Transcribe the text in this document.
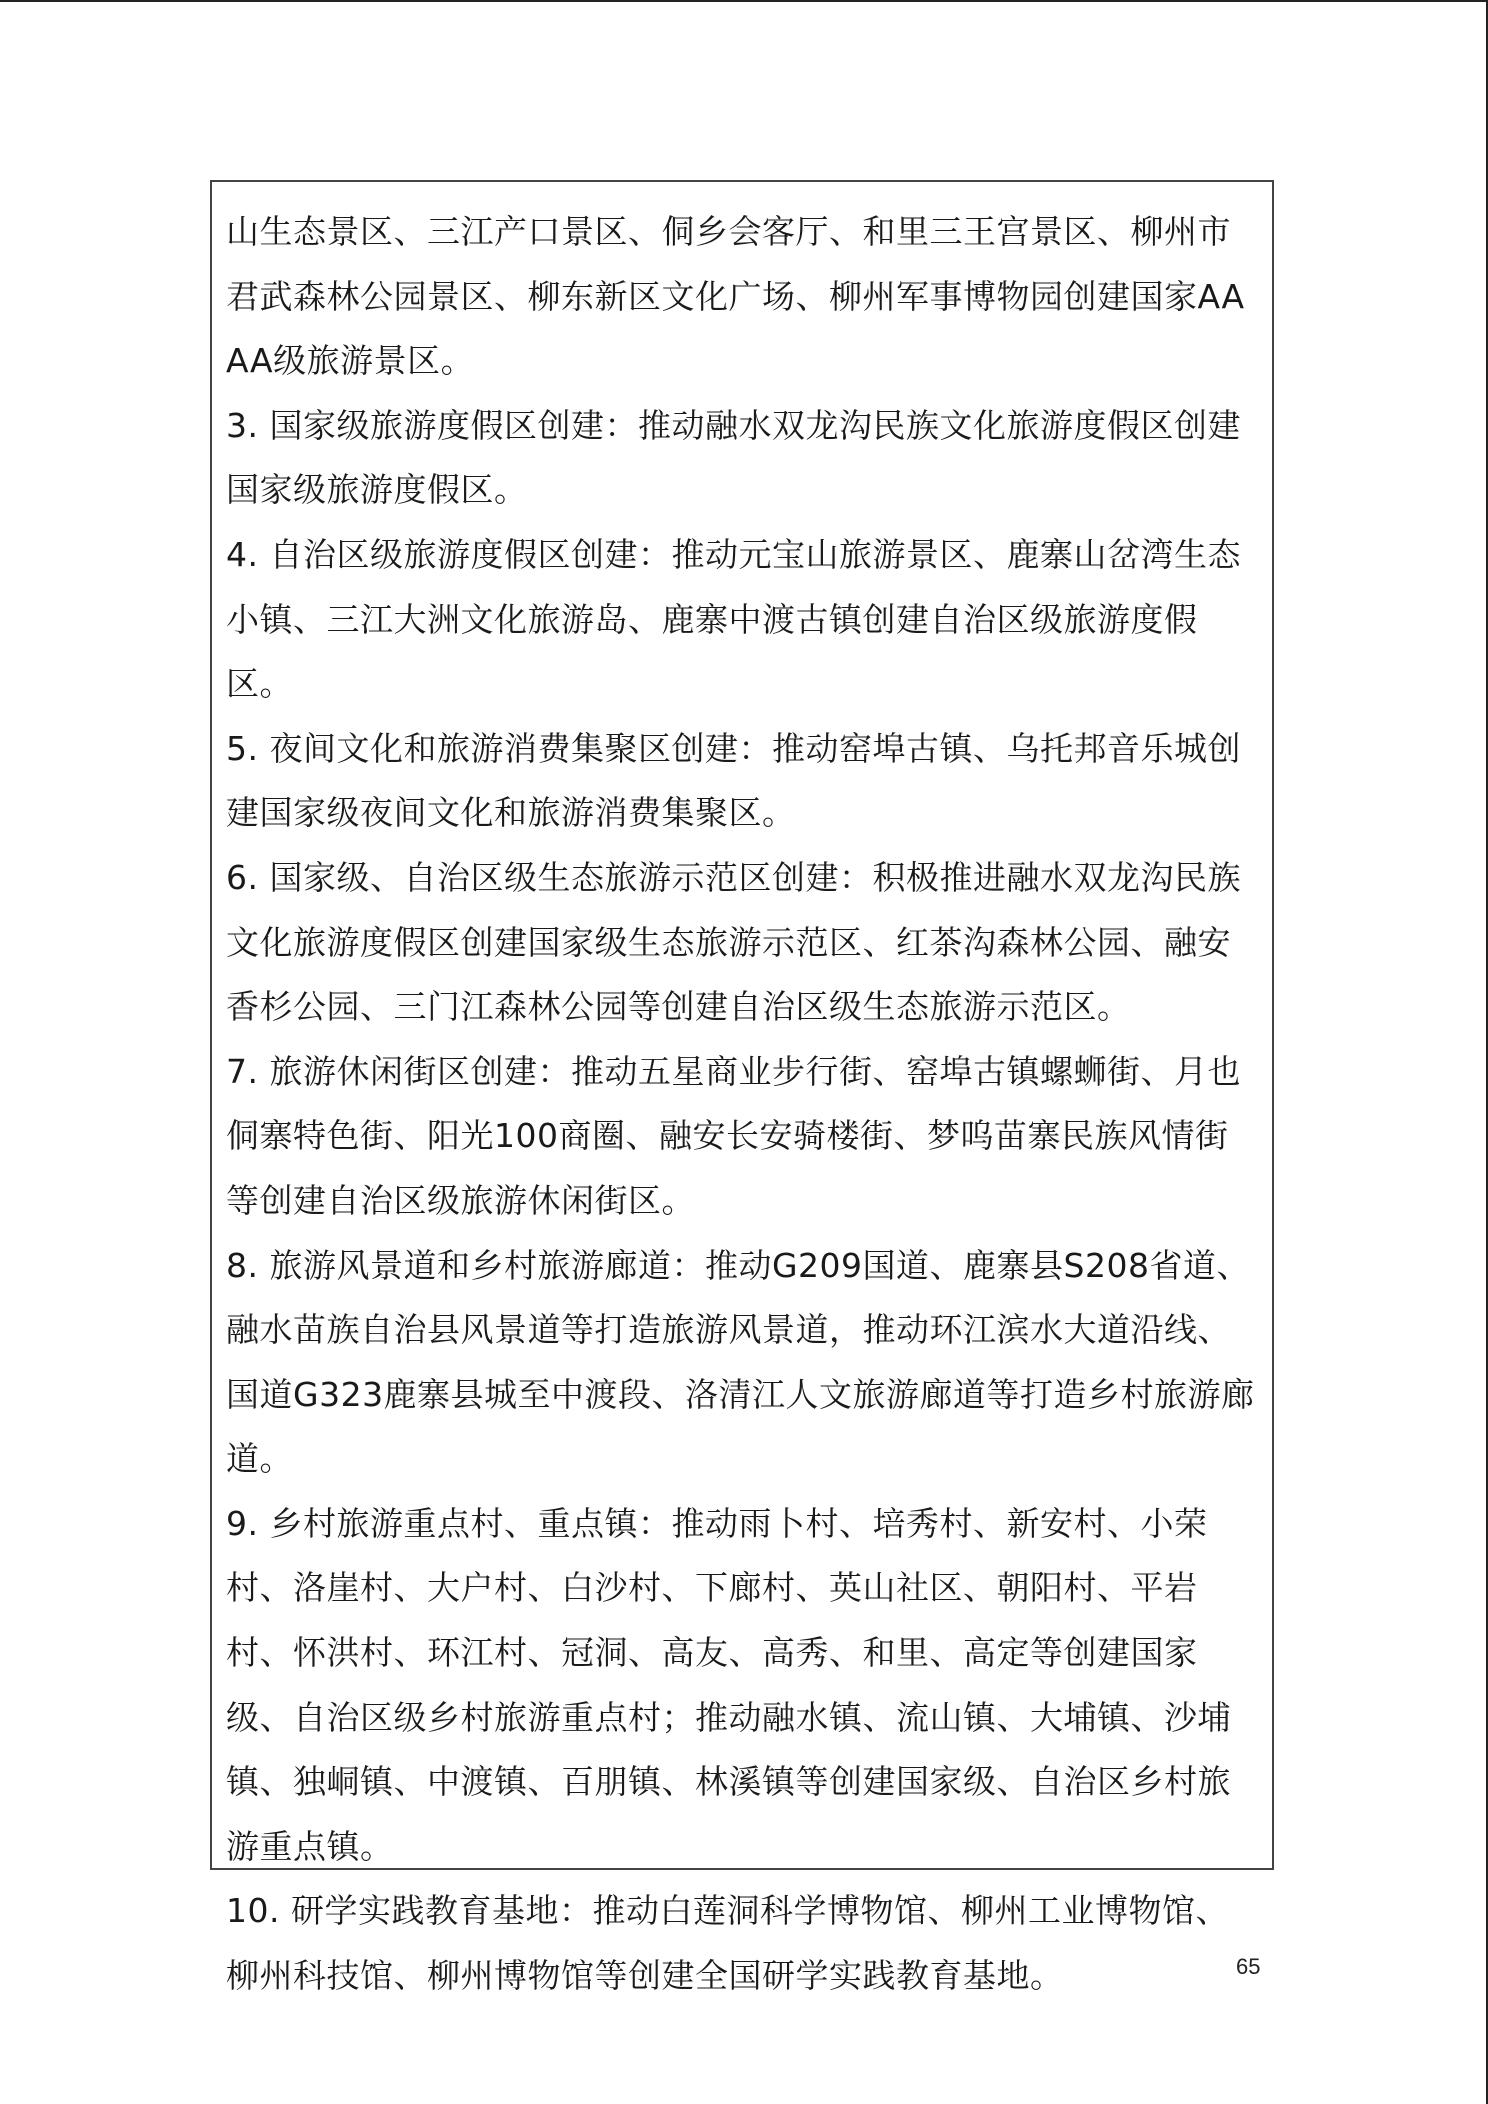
山生态景区、三江产口景区、侗乡会客厅、和里三王宫景区、柳州市君武森林公园景区、柳东新区文化广场、柳州军事博物园创建国家AAAA级旅游景区。

3. 国家级旅游度假区创建：推动融水双龙沟民族文化旅游度假区创建国家级旅游度假区。

4. 自治区级旅游度假区创建：推动元宝山旅游景区、鹿寨山岔湾生态小镇、三江大洲文化旅游岛、鹿寨中渡古镇创建自治区级旅游度假区。

5. 夜间文化和旅游消费集聚区创建：推动窑埠古镇、乌托邦音乐城创建国家级夜间文化和旅游消费集聚区。

6. 国家级、自治区级生态旅游示范区创建：积极推进融水双龙沟民族文化旅游度假区创建国家级生态旅游示范区、红茶沟森林公园、融安香杉公园、三门江森林公园等创建自治区级生态旅游示范区。

7. 旅游休闲街区创建：推动五星商业步行街、窑埠古镇螺蛳街、月也侗寨特色街、阳光100商圈、融安长安骑楼街、梦呜苗寨民族风情街等创建自治区级旅游休闲街区。

8. 旅游风景道和乡村旅游廊道：推动G209国道、鹿寨县S208省道、融水苗族自治县风景道等打造旅游风景道，推动环江滨水大道沿线、国道G323鹿寨县城至中渡段、洛清江人文旅游廊道等打造乡村旅游廊道。

9. 乡村旅游重点村、重点镇：推动雨卜村、培秀村、新安村、小荣村、洛崖村、大户村、白沙村、下廊村、英山社区、朝阳村、平岩村、怀洪村、环江村、冠洞、高友、高秀、和里、高定等创建国家级、自治区级乡村旅游重点村；推动融水镇、流山镇、大埔镇、沙埔镇、独峒镇、中渡镇、百朋镇、林溪镇等创建国家级、自治区乡村旅游重点镇。

10. 研学实践教育基地：推动白莲洞科学博物馆、柳州工业博物馆、柳州科技馆、柳州博物馆等创建全国研学实践教育基地。	65
